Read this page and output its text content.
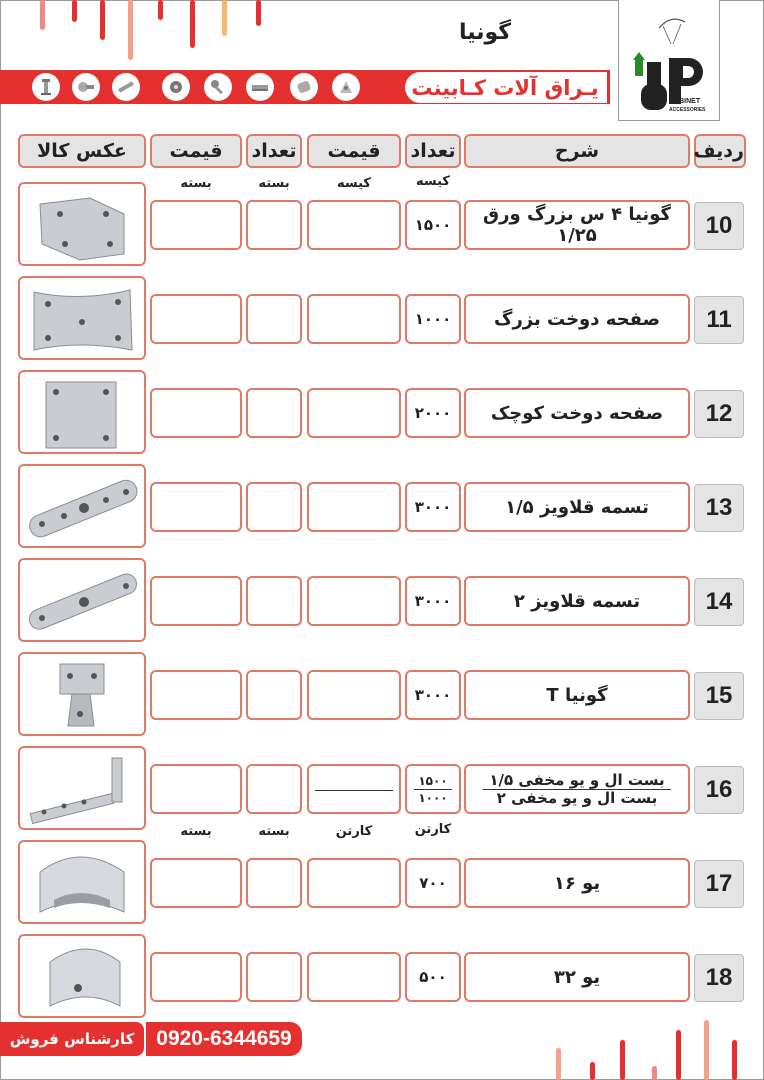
گونیا
یـراق آلات کـابینت
CABINET
ACCESSORIES
ردیف
شرح
تعداد
قیمت
تعداد
قیمت
عکس کالا
کیسه
کیسه
بسته
بسته
کارتن
کارتن
بسته
بسته
10
گونیا ۴ س بزرگ ورق ۱/۲۵
۱۵۰۰
11
صفحه دوخت بزرگ
۱۰۰۰
12
صفحه دوخت کوچک
۲۰۰۰
13
تسمه قلاویز ۱/۵
۳۰۰۰
14
تسمه قلاویز ۲
۳۰۰۰
15
گونیا T
۳۰۰۰
16
بست ال و یو مخفی ۱/۵
بست ال و یو مخفی ۲
۱۵۰۰
۱۰۰۰
17
یو ۱۶
۷۰۰
18
یو ۳۲
۵۰۰
0920-6344659
کارشناس فروش
